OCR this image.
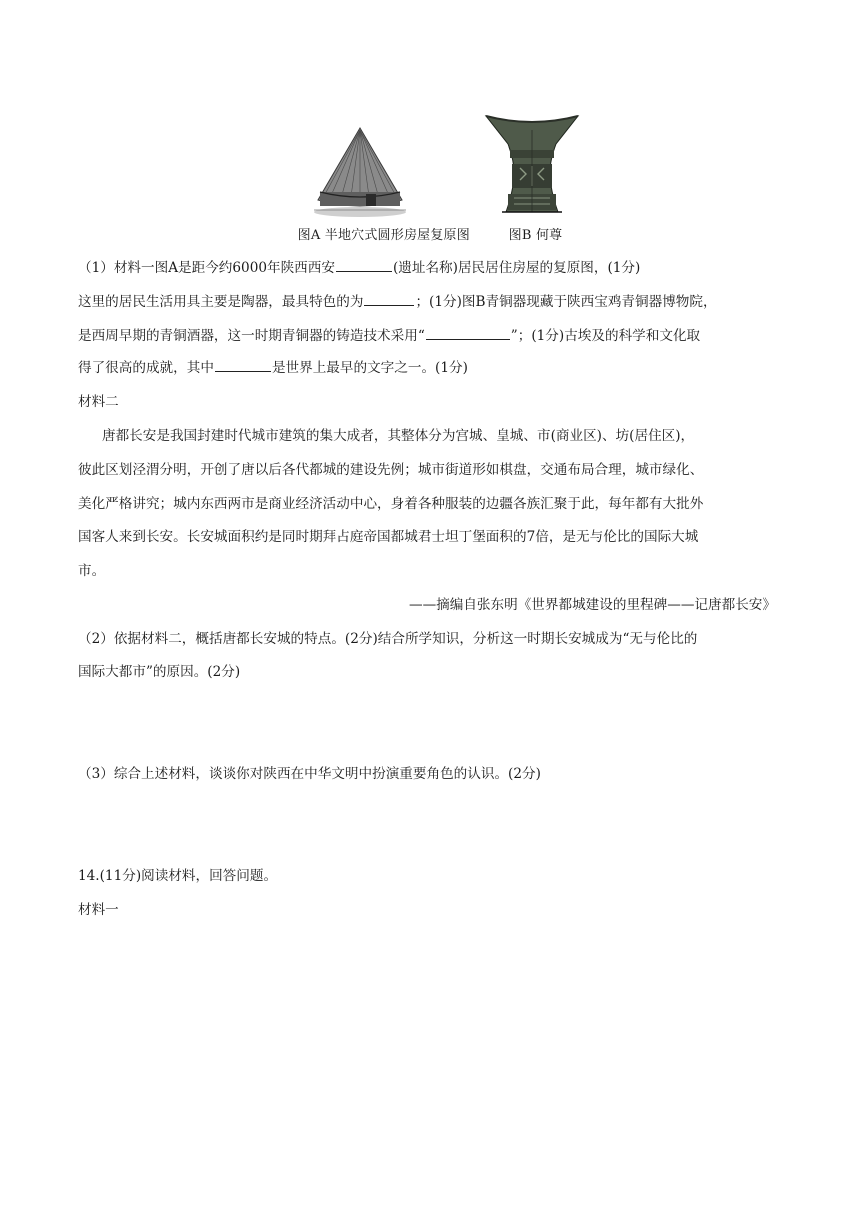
图A 半地穴式圆形房屋复原图	图B 何尊
（1）材料一图A是距今约6000年陕西西安	(遗址名称)居民居住房屋的复原图，(1分)
这里的居民生活用具主要是陶器，最具特色的为	；(1分)图B青铜器现藏于陕西宝鸡青铜器博物院，
是西周早期的青铜酒器，这一时期青铜器的铸造技术采用“	”；(1分)古埃及的科学和文化取
得了很高的成就，其中	是世界上最早的文字之一。(1分)
材料二
唐都长安是我国封建时代城市建筑的集大成者，其整体分为宫城、皇城、市(商业区)、坊(居住区)，
彼此区划泾渭分明，开创了唐以后各代都城的建设先例；城市街道形如棋盘，交通布局合理，城市绿化、
美化严格讲究；城内东西两市是商业经济活动中心，身着各种服装的边疆各族汇聚于此，每年都有大批外
国客人来到长安。长安城面积约是同时期拜占庭帝国都城君士坦丁堡面积的7倍，是无与伦比的国际大城
市。
——摘编自张东明《世界都城建设的里程碑——记唐都长安》
（2）依据材料二，概括唐都长安城的特点。(2分)结合所学知识，分析这一时期长安城成为“无与伦比的
国际大都市”的原因。(2分)
（3）综合上述材料，谈谈你对陕西在中华文明中扮演重要角色的认识。(2分)
14.(11分)阅读材料，回答问题。
材料一
